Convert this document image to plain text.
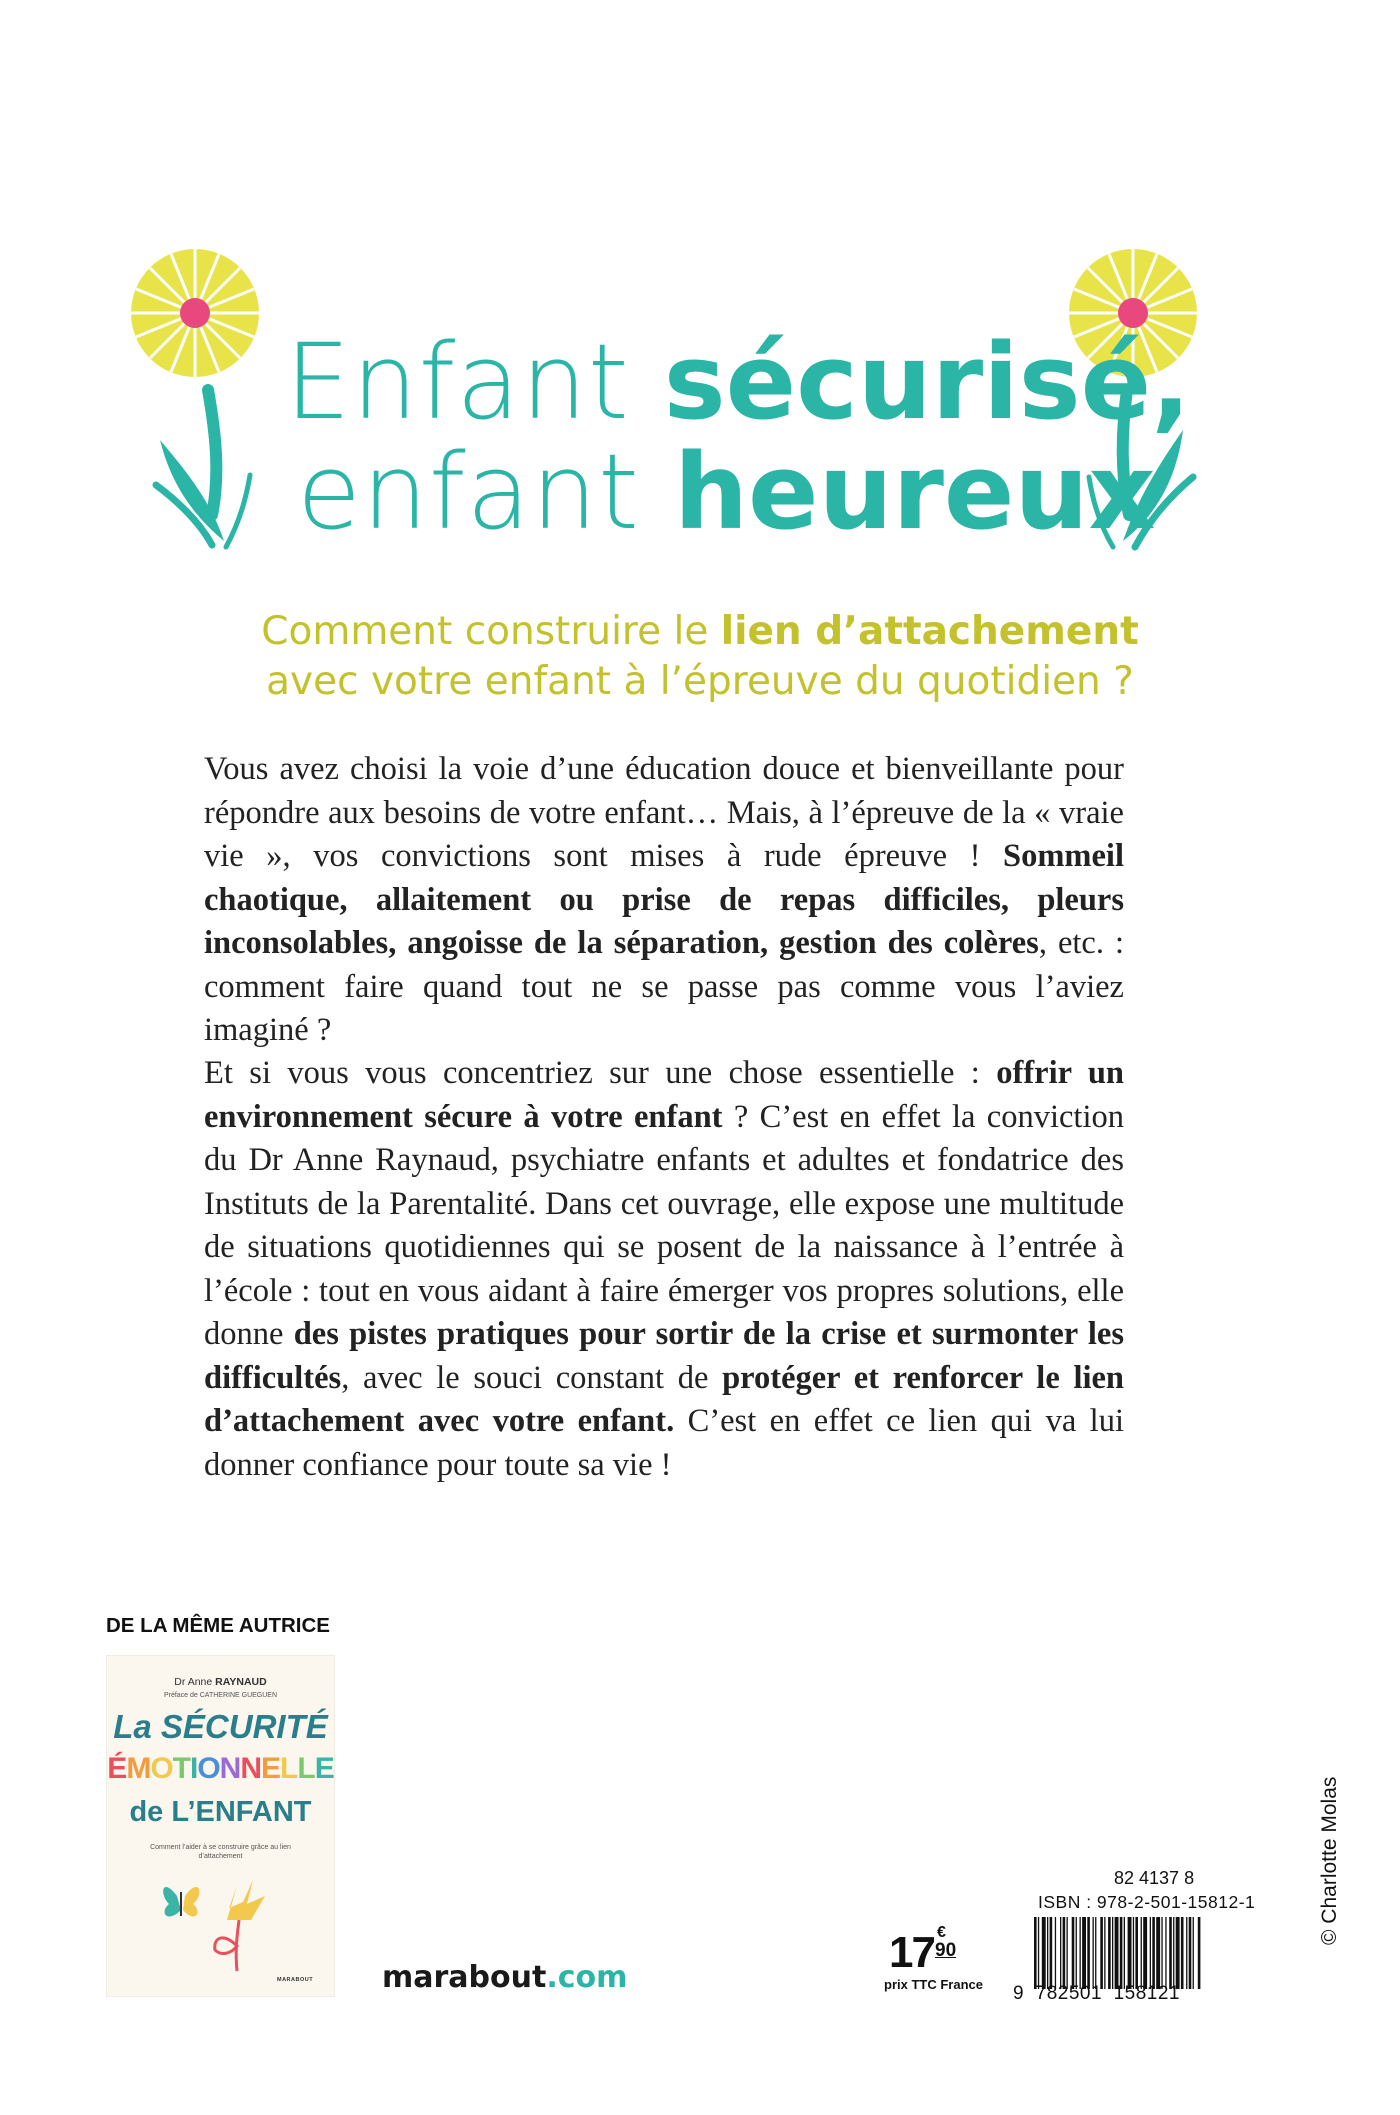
Enfant sécurisé,
enfant heureux
Comment construire le lien d’attachement
avec votre enfant à l’épreuve du quotidien ?
Vous avez choisi la voie d’une éducation douce et bienveillante pour répondre aux besoins de votre enfant… Mais, à l’épreuve de la « vraie vie », vos convictions sont mises à rude épreuve ! Sommeil chaotique, allaitement ou prise de repas difficiles, pleurs inconsolables, angoisse de la séparation, gestion des colères, etc. : comment faire quand tout ne se passe pas comme vous l’aviez imaginé ?
Et si vous vous concentriez sur une chose essentielle : offrir un environnement sécure à votre enfant ? C’est en effet la conviction du Dr Anne Raynaud, psychiatre enfants et adultes et fondatrice des Instituts de la Parentalité. Dans cet ouvrage, elle expose une multitude de situations quotidiennes qui se posent de la naissance à l’entrée à l’école : tout en vous aidant à faire émerger vos propres solutions, elle donne des pistes pratiques pour sortir de la crise et surmonter les difficultés, avec le souci constant de protéger et renforcer le lien d’attachement avec votre enfant. C’est en effet ce lien qui va lui donner confiance pour toute sa vie !
DE LA MÊME AUTRICE
Dr Anne RAYNAUD
Préface de CATHERINE GUEGUEN
La SÉCURITÉ
ÉMOTIONNELLE
de L’ENFANT
Comment l’aider à se construire grâce au lien d’attachement
MARABOUT marabout.com
17 €
90
prix TTC France
82 4137 8
ISBN : 978-2-501-15812-1
9  782501  158121
© Charlotte Molas
